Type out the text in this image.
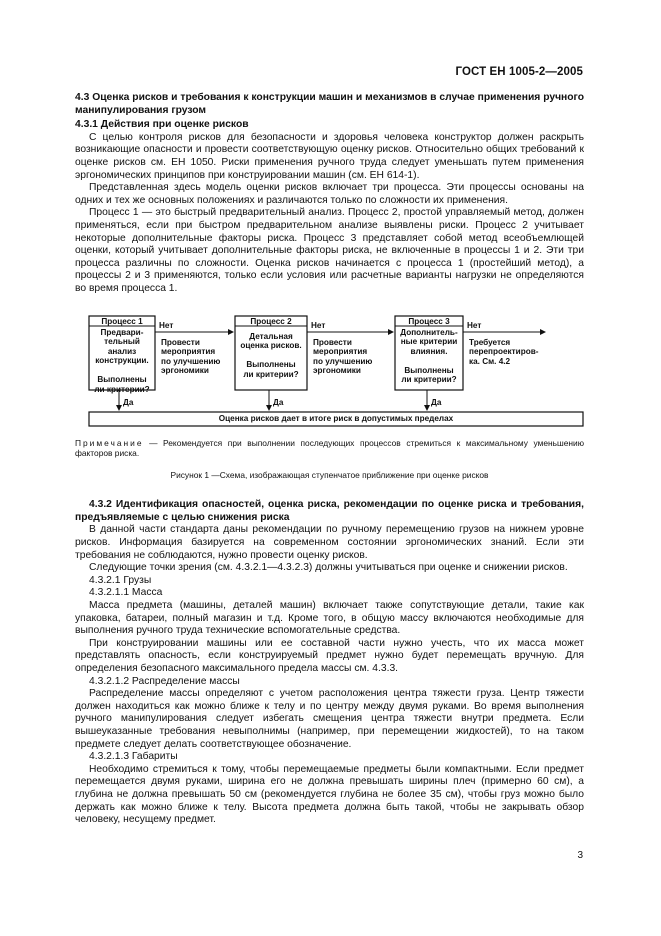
ГОСТ ЕН 1005-2—2005

4.3 Оценка рисков и требования к конструкции машин и механизмов в случае применения ручного манипулирования грузом

4.3.1 Действия при оценке рисков

С целью контроля рисков для безопасности и здоровья человека конструктор должен раскрыть возникающие опасности и провести соответствующую оценку рисков. Относительно общих требований к оценке рисков см. ЕН 1050. Риски применения ручного труда следует уменьшать путем применения эргономических принципов при конструировании машин (см. ЕН 614-1).

Представленная здесь модель оценки рисков включает три процесса. Эти процессы основаны на одних и тех же основных положениях и различаются только по сложности их применения.

Процесс 1 — это быстрый предварительный анализ. Процесс 2, простой управляемый метод, должен применяться, если при быстром предварительном анализе выявлены риски. Процесс 2 учитывает некоторые дополнительные факторы риска. Процесс 3 представляет собой метод всеобъемлющей оценки, который учитывает дополнительные факторы риска, не включенные в процессы 1 и 2. Эти три процесса различны по сложности. Оценка рисков начинается с процесса 1 (простейший метод), а процессы 2 и 3 применяются, только если условия или расчетные варианты нагрузки не определяются во время процесса 1.

Процесс 1
Предвари-
тельный анализ
конструкции.

Выполнены
ли критерии?
Процесс 2
Детальная
оценка рисков.

Выполнены
ли критерии?
Процесс 3
Дополнитель-
ные критерии
влияния.

Выполнены
ли критерии?
Нет	Нет	Нет
Провести
мероприятия
по улучшению
эргономики
Провести
мероприятия
по улучшению
эргономики
Требуется
перепроектиров-
ка. См. 4.2
Да	Да	Да
Оценка рисков дает в итоге риск в допустимых пределах
Примечание — Рекомендуется при выполнении последующих процессов стремиться к максимальному уменьшению факторов риска.
Рисунок 1 —Схема, изображающая ступенчатое приближение при оценке рисков

4.3.2 Идентификация опасностей, оценка риска, рекомендации по оценке риска и требования, предъявляемые с целью снижения риска

В данной части стандарта даны рекомендации по ручному перемещению грузов на нижнем уровне рисков. Информация базируется на современном состоянии эргономических знаний. Если эти требования не соблюдаются, нужно провести оценку рисков.

Следующие точки зрения (см. 4.3.2.1—4.3.2.3) должны учитываться при оценке и снижении рисков.

4.3.2.1 Грузы

4.3.2.1.1 Масса

Масса предмета (машины, деталей машин) включает также сопутствующие детали, такие как упаковка, батареи, полный магазин и т.д. Кроме того, в общую массу включаются необходимые для выполнения ручного труда технические вспомогательные средства.

При конструировании машины или ее составной части нужно учесть, что их масса может представлять опасность, если конструируемый предмет нужно будет перемещать вручную. Для определения безопасного максимального предела массы см. 4.3.3.

4.3.2.1.2 Распределение массы

Распределение массы определяют с учетом расположения центра тяжести груза. Центр тяжести должен находиться как можно ближе к телу и по центру между двумя руками. Во время выполнения ручного манипулирования следует избегать смещения центра тяжести внутри предмета. Если вышеуказанные требования невыполнимы (например, при перемещении жидкостей), то на таком предмете следует делать соответствующее обозначение.

4.3.2.1.3 Габариты

Необходимо стремиться к тому, чтобы перемещаемые предметы были компактными. Если предмет перемещается двумя руками, ширина его не должна превышать ширины плеч (примерно 60 см), а глубина не должна превышать 50 см (рекомендуется глубина не более 35 см), чтобы груз можно было держать как можно ближе к телу. Высота предмета должна быть такой, чтобы не закрывать обзор человеку, несущему предмет.

3
